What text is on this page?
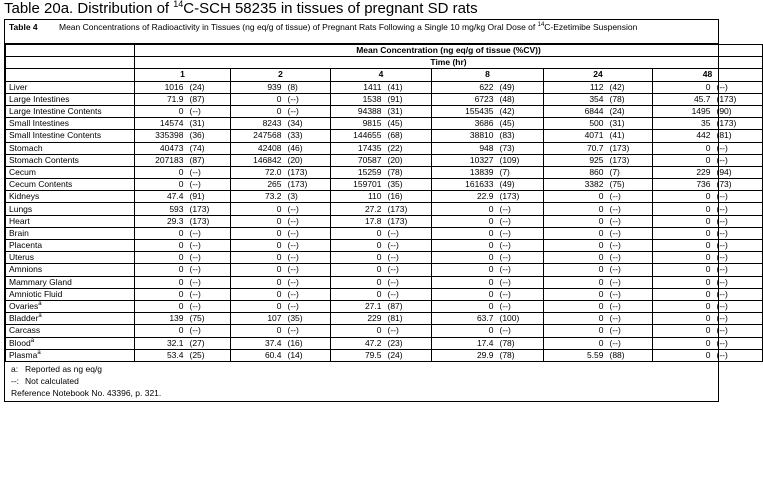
Table 20a. Distribution of $^{14}$C-SCH 58235 in tissues of pregnant SD rats
Table 4	Mean Concentrations of Radioactivity in Tissues (ng eq/g of tissue) of Pregnant Rats Following a Single 10 mg/kg Oral Dose of $^{14}$C-Ezetimibe Suspension
	Mean Concentration (ng eq/g of tissue (%CV))											
	Time (hr)											
	1		2		4		8		24		48	
Liver	1016	(24)	939	(8)	1411	(41)	622	(49)	112	(42)	0	(--)
Large Intestines	71.9	(87)	0	(--)	1538	(91)	6723	(48)	354	(78)	45.7	(173)
Large Intestine Contents	0	(--)	0	(--)	94388	(31)	155435	(42)	6844	(24)	1495	(90)
Small Intestines	14574	(31)	8243	(34)	9815	(45)	3686	(45)	500	(31)	35	(173)
Small Intestine Contents	335398	(36)	247568	(33)	144655	(68)	38810	(83)	4071	(41)	442	(81)
Stomach	40473	(74)	42408	(46)	17435	(22)	948	(73)	70.7	(173)	0	(--)
Stomach Contents	207183	(87)	146842	(20)	70587	(20)	10327	(109)	925	(173)	0	(--)
Cecum	0	(--)	72.0	(173)	15259	(78)	13839	(7)	860	(7)	229	(94)
Cecum Contents	0	(--)	265	(173)	159701	(35)	161633	(49)	3382	(75)	736	(73)
Kidneys	47.4	(91)	73.2	(3)	110	(16)	22.9	(173)	0	(--)	0	(--)
Lungs	593	(173)	0	(--)	27.2	(173)	0	(--)	0	(--)	0	(--)
Heart	29.3	(173)	0	(--)	17.8	(173)	0	(--)	0	(--)	0	(--)
Brain	0	(--)	0	(--)	0	(--)	0	(--)	0	(--)	0	(--)
Placenta	0	(--)	0	(--)	0	(--)	0	(--)	0	(--)	0	(--)
Uterus	0	(--)	0	(--)	0	(--)	0	(--)	0	(--)	0	(--)
Amnions	0	(--)	0	(--)	0	(--)	0	(--)	0	(--)	0	(--)
Mammary Gland	0	(--)	0	(--)	0	(--)	0	(--)	0	(--)	0	(--)
Amniotic Fluid	0	(--)	0	(--)	0	(--)	0	(--)	0	(--)	0	(--)
Ovaries$^a$	0	(--)	0	(--)	27.1	(87)	0	(--)	0	(--)	0	(--)
Bladder$^a$	139	(75)	107	(35)	229	(81)	63.7	(100)	0	(--)	0	(--)
Carcass	0	(--)	0	(--)	0	(--)	0	(--)	0	(--)	0	(--)
Blood$^a$	32.1	(27)	37.4	(16)	47.2	(23)	17.4	(78)	0	(--)	0	(--)
Plasma$^a$	53.4	(25)	60.4	(14)	79.5	(24)	29.9	(78)	5.59	(88)	0	(--)
a: Reported as ng eq/g
--: Not calculated
Reference Notebook No. 43396, p. 321.
